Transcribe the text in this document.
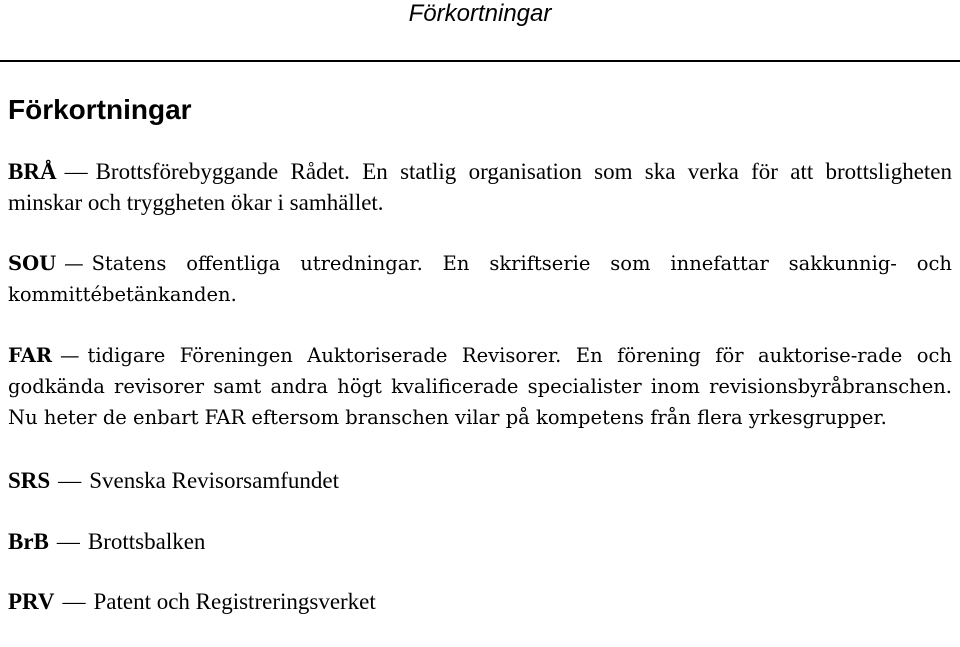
Förkortningar
Förkortningar

BRÅ — Brottsförebyggande Rådet. En statlig organisation som ska verka för att brottsligheten minskar och tryggheten ökar i samhället.

SOU — Statens offentliga utredningar. En skriftserie som innefattar sakkunnig- och kommittébetänkanden.

FAR — tidigare Föreningen Auktoriserade Revisorer. En förening för auktorise-rade och godkända revisorer samt andra högt kvalificerade specialister inom revisionsbyråbranschen. Nu heter de enbart FAR eftersom branschen vilar på kompetens från flera yrkesgrupper.

SRS — Svenska Revisorsamfundet

BrB — Brottsbalken

PRV — Patent och Registreringsverket
